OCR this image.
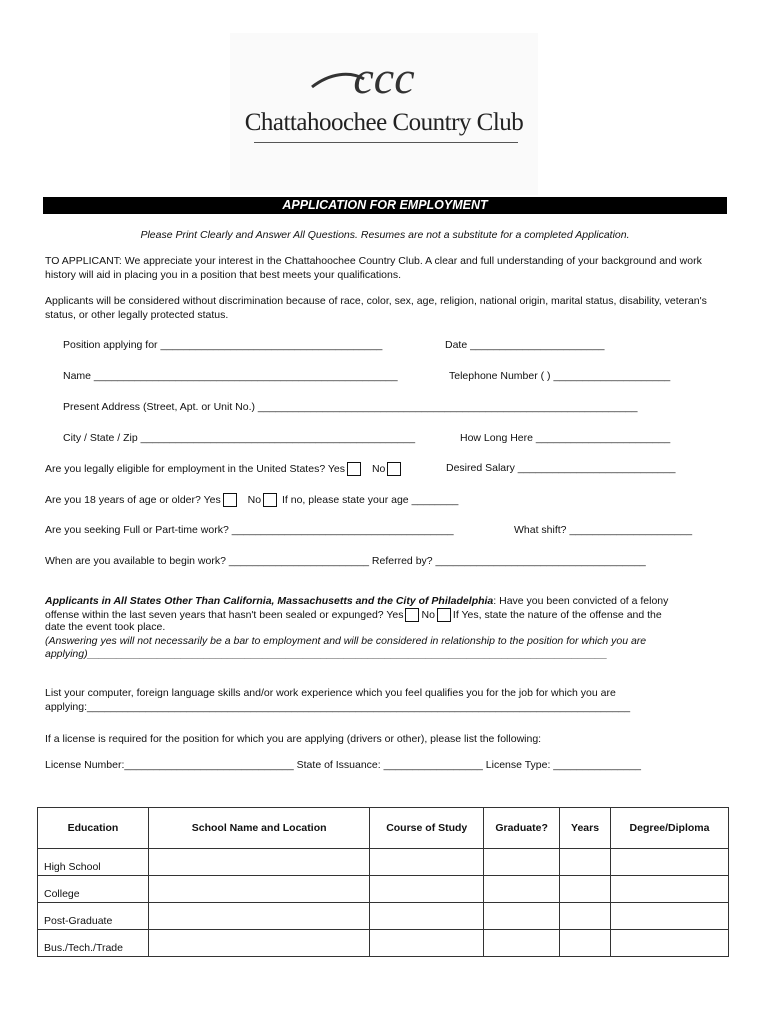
ccc
Chattahoochee Country Club
APPLICATION FOR EMPLOYMENT
Please Print Clearly and Answer All Questions. Resumes are not a substitute for a completed Application.
TO APPLICANT: We appreciate your interest in the Chattahoochee Country Club. A clear and full understanding of your background and work history will aid in placing you in a position that best meets your qualifications.
Applicants will be considered without discrimination because of race, color, sex, age, religion, national origin, marital status, disability, veteran's status, or other legally protected status.
Position applying for ______________________________________	Date _______________________
Name ____________________________________________________	Telephone Number ( ) ____________________
Present Address (Street, Apt. or Unit No.) _________________________________________________________________
City / State / Zip _______________________________________________	How Long Here _______________________
Are you legally eligible for employment in the United States? Yes	No	Desired Salary ___________________________
Are you 18 years of age or older? Yes	No If no, please state your age ________
Are you seeking Full or Part-time work? ______________________________________	What shift? _____________________
When are you available to begin work? ________________________ Referred by? ____________________________________
Applicants in All States Other Than California, Massachusetts and the City of Philadelphia: Have you been convicted of a felony
offense within the last seven years that hasn't been sealed or expunged? Yes No If Yes, state the nature of the offense and the
date the event took place.
(Answering yes will not necessarily be a bar to employment and will be considered in relationship to the position for which you are
applying)_________________________________________________________________________________________
List your computer, foreign language skills and/or work experience which you feel qualifies you for the job for which you are
applying:_____________________________________________________________________________________________
If a license is required for the position for which you are applying (drivers or other), please list the following:
License Number:_____________________________ State of Issuance: _________________ License Type: _______________
Education	School Name and Location	Course of Study	Graduate?	Years	Degree/Diploma
High School					
College					
Post-Graduate					
Bus./Tech./Trade					
